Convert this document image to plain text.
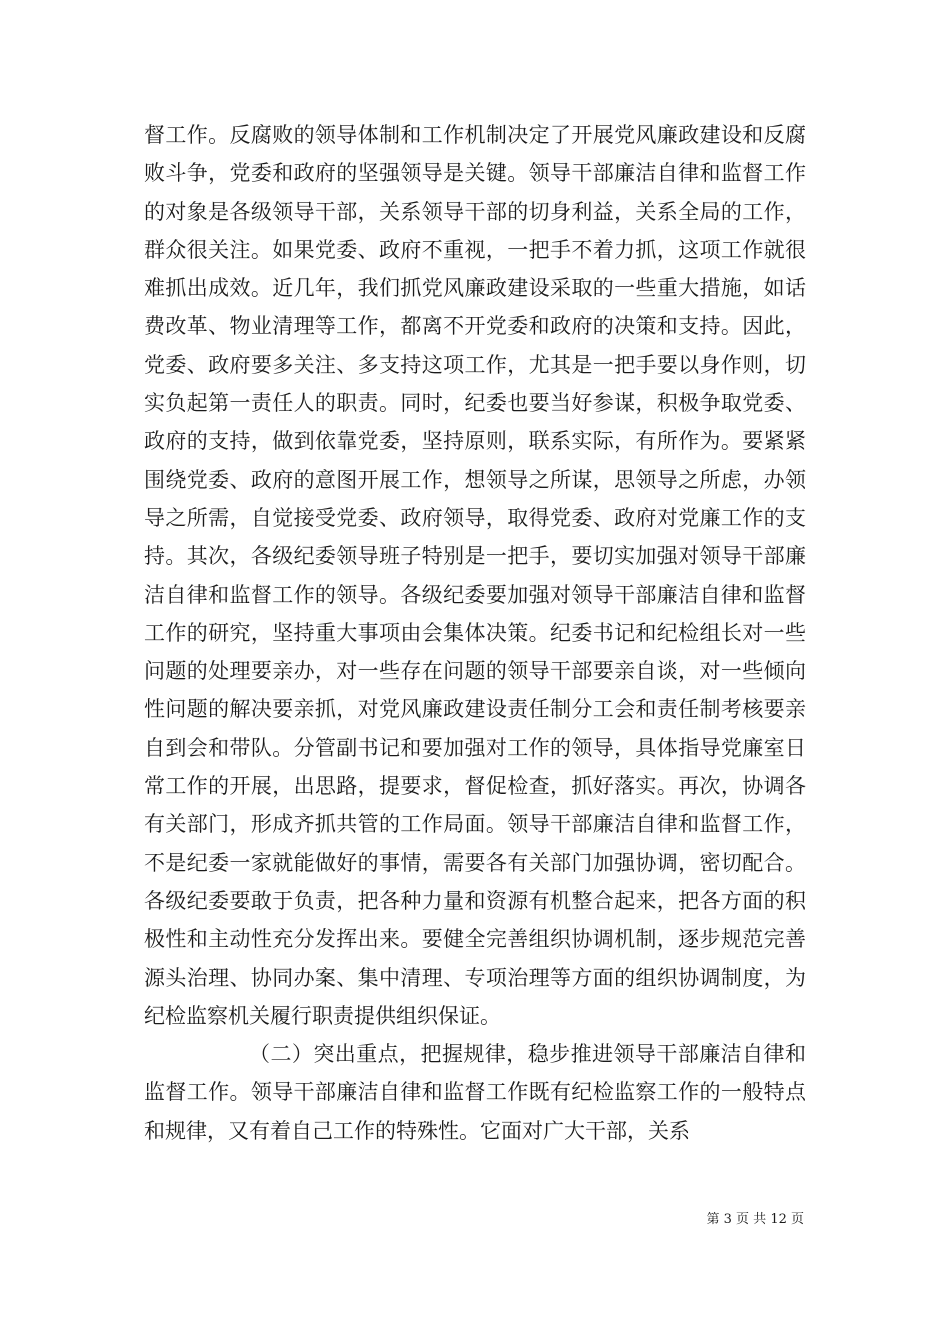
督工作。反腐败的领导体制和工作机制决定了开展党风廉政建设和反腐败斗争，党委和政府的坚强领导是关键。领导干部廉洁自律和监督工作的对象是各级领导干部，关系领导干部的切身利益，关系全局的工作，群众很关注。如果党委、政府不重视，一把手不着力抓，这项工作就很难抓出成效。近几年，我们抓党风廉政建设采取的一些重大措施，如话费改革、物业清理等工作，都离不开党委和政府的决策和支持。因此，党委、政府要多关注、多支持这项工作，尤其是一把手要以身作则，切实负起第一责任人的职责。同时，纪委也要当好参谋，积极争取党委、政府的支持，做到依靠党委，坚持原则，联系实际，有所作为。要紧紧围绕党委、政府的意图开展工作，想领导之所谋，思领导之所虑，办领导之所需，自觉接受党委、政府领导，取得党委、政府对党廉工作的支持。其次，各级纪委领导班子特别是一把手，要切实加强对领导干部廉洁自律和监督工作的领导。各级纪委要加强对领导干部廉洁自律和监督工作的研究，坚持重大事项由会集体决策。纪委书记和纪检组长对一些问题的处理要亲办，对一些存在问题的领导干部要亲自谈，对一些倾向性问题的解决要亲抓，对党风廉政建设责任制分工会和责任制考核要亲自到会和带队。分管副书记和要加强对工作的领导，具体指导党廉室日常工作的开展，出思路，提要求，督促检查，抓好落实。再次，协调各有关部门，形成齐抓共管的工作局面。领导干部廉洁自律和监督工作，不是纪委一家就能做好的事情，需要各有关部门加强协调，密切配合。各级纪委要敢于负责，把各种力量和资源有机整合起来，把各方面的积极性和主动性充分发挥出来。要健全完善组织协调机制，逐步规范完善源头治理、协同办案、集中清理、专项治理等方面的组织协调制度，为纪检监察机关履行职责提供组织保证。

（二）突出重点，把握规律，稳步推进领导干部廉洁自律和监督工作。领导干部廉洁自律和监督工作既有纪检监察工作的一般特点和规律，又有着自己工作的特殊性。它面对广大干部，关系

第 3 页 共 12 页
